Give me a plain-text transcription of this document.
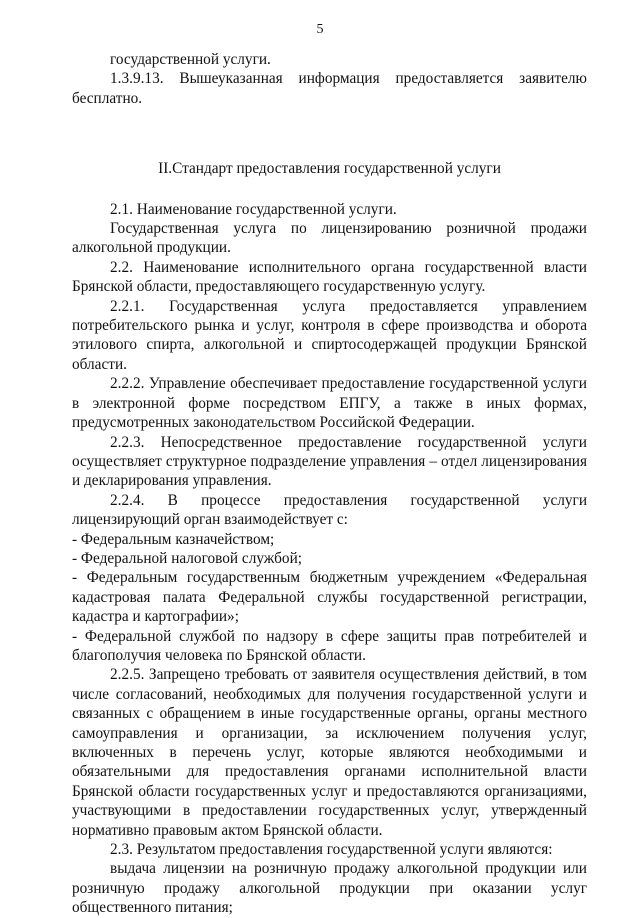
5

государственной услуги.

1.3.9.13. Вышеуказанная информация предоставляется заявителю бесплатно.

II.Стандарт предоставления государственной услуги

2.1. Наименование государственной услуги.

Государственная услуга по лицензированию розничной продажи алкогольной продукции.

2.2. Наименование исполнительного органа государственной власти Брянской области, предоставляющего государственную услугу.

2.2.1. Государственная услуга предоставляется управлением потребительского рынка и услуг, контроля в сфере производства и оборота этилового спирта, алкогольной и спиртосодержащей продукции Брянской области.

2.2.2. Управление обеспечивает предоставление государственной услуги в электронной форме посредством ЕПГУ, а также в иных формах, предусмотренных законодательством Российской Федерации.

2.2.3. Непосредственное предоставление государственной услуги осуществляет структурное подразделение управления – отдел лицензирования и декларирования управления.

2.2.4. В процессе предоставления государственной услуги лицензирующий орган взаимодействует с:

- Федеральным казначейством;

- Федеральной налоговой службой;

- Федеральным государственным бюджетным учреждением «Федеральная кадастровая палата Федеральной службы государственной регистрации, кадастра и картографии»;

- Федеральной службой по надзору в сфере защиты прав потребителей и благополучия человека по Брянской области.

2.2.5. Запрещено требовать от заявителя осуществления действий, в том числе согласований, необходимых для получения государственной услуги и связанных с обращением в иные государственные органы, органы местного самоуправления и организации, за исключением получения услуг, включенных в перечень услуг, которые являются необходимыми и обязательными для предоставления органами исполнительной власти Брянской области государственных услуг и предоставляются организациями, участвующими в предоставлении государственных услуг, утвержденный нормативно правовым актом Брянской области.

2.3. Результатом предоставления государственной услуги являются:

выдача лицензии на розничную продажу алкогольной продукции или розничную продажу алкогольной продукции при оказании услуг общественного питания;
